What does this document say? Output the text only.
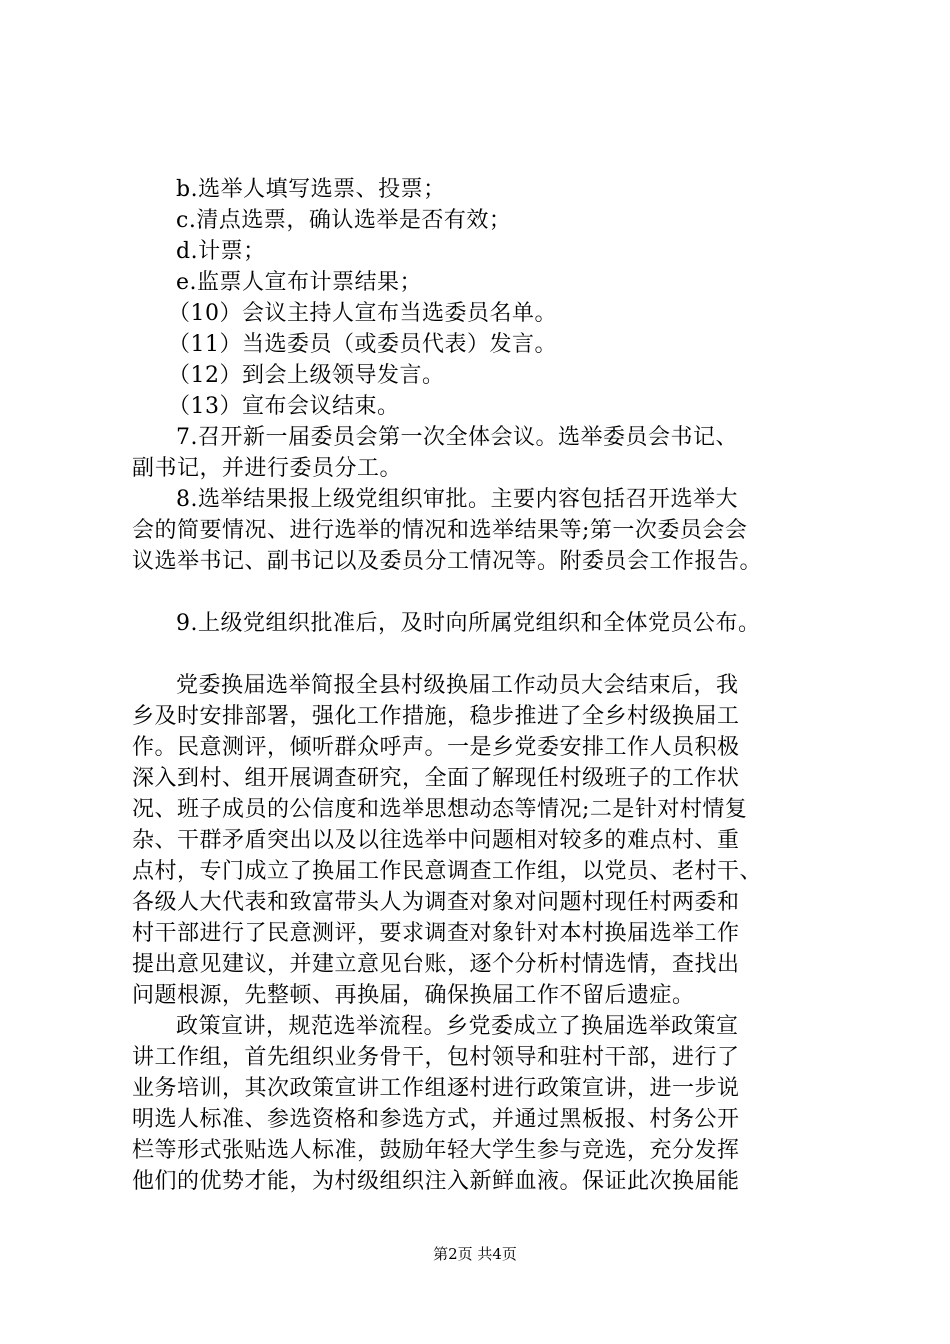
b.选举人填写选票、投票；
c.清点选票，确认选举是否有效；
d.计票；
e.监票人宣布计票结果；
（10）会议主持人宣布当选委员名单。
（11）当选委员（或委员代表）发言。
（12）到会上级领导发言。
（13）宣布会议结束。
7.召开新一届委员会第一次全体会议。选举委员会书记、
副书记，并进行委员分工。
8.选举结果报上级党组织审批。主要内容包括召开选举大
会的简要情况、进行选举的情况和选举结果等;第一次委员会会
议选举书记、副书记以及委员分工情况等。附委员会工作报告。
9.上级党组织批准后，及时向所属党组织和全体党员公布。
党委换届选举简报全县村级换届工作动员大会结束后，我
乡及时安排部署，强化工作措施，稳步推进了全乡村级换届工
作。民意测评，倾听群众呼声。一是乡党委安排工作人员积极
深入到村、组开展调查研究，全面了解现任村级班子的工作状
况、班子成员的公信度和选举思想动态等情况;二是针对村情复
杂、干群矛盾突出以及以往选举中问题相对较多的难点村、重
点村，专门成立了换届工作民意调查工作组，以党员、老村干、
各级人大代表和致富带头人为调查对象对问题村现任村两委和
村干部进行了民意测评，要求调查对象针对本村换届选举工作
提出意见建议，并建立意见台账，逐个分析村情选情，查找出
问题根源，先整顿、再换届，确保换届工作不留后遗症。
政策宣讲，规范选举流程。乡党委成立了换届选举政策宣
讲工作组，首先组织业务骨干，包村领导和驻村干部，进行了
业务培训，其次政策宣讲工作组逐村进行政策宣讲，进一步说
明选人标准、参选资格和参选方式，并通过黑板报、村务公开
栏等形式张贴选人标准，鼓励年轻大学生参与竞选，充分发挥
他们的优势才能，为村级组织注入新鲜血液。保证此次换届能
第2页 共4页
